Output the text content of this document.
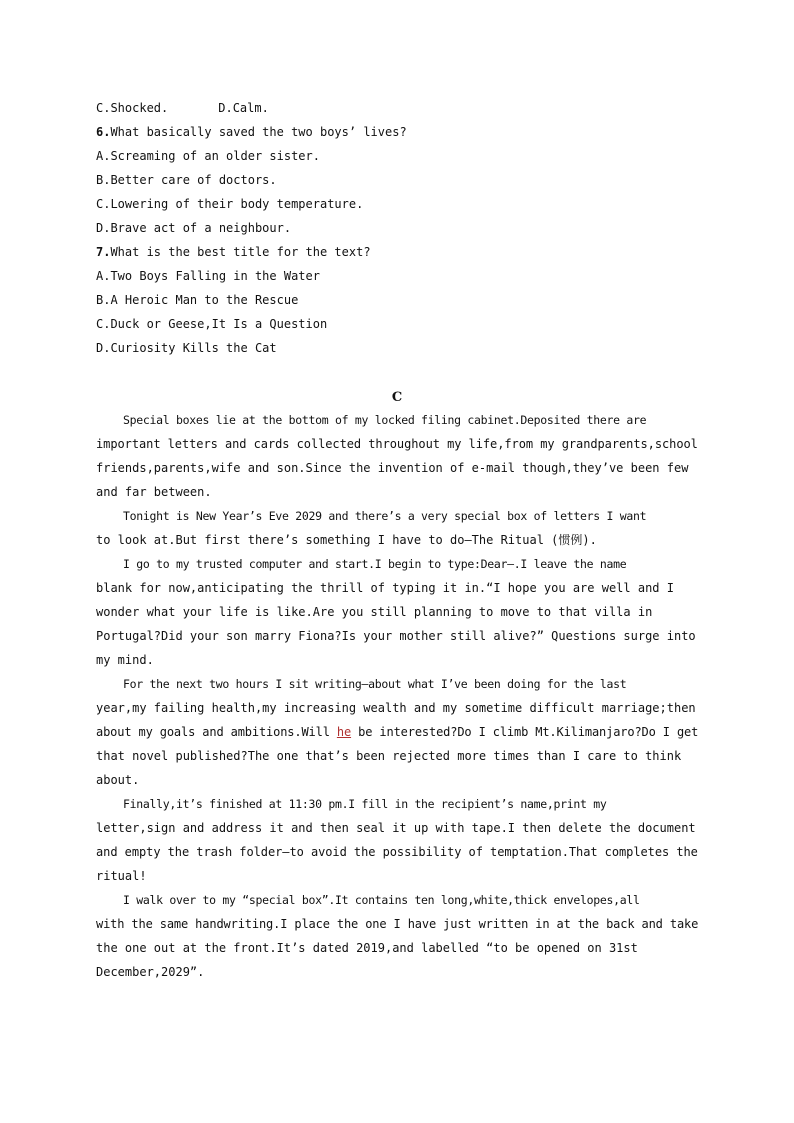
C.Shocked.	D.Calm.
6.What basically saved the two boys’ lives?
A.Screaming of an older sister.
B.Better care of doctors.
C.Lowering of their body temperature.
D.Brave act of a neighbour.
7.What is the best title for the text?
A.Two Boys Falling in the Water
B.A Heroic Man to the Rescue
C.Duck or Geese,It Is a Question
D.Curiosity Kills the Cat
C
Special boxes lie at the bottom of my locked filing cabinet.Deposited there are
important letters and cards collected throughout my life,from my grandparents,school
friends,parents,wife and son.Since the invention of e-mail though,they’ve been few
and far between.
Tonight is New Year’s Eve 2029 and there’s a very special box of letters I want
to look at.But first there’s something I have to do—The Ritual (惯例).
I go to my trusted computer and start.I begin to type:Dear—.I leave the name
blank for now,anticipating the thrill of typing it in.“I hope you are well and I
wonder what your life is like.Are you still planning to move to that villa in
Portugal?Did your son marry Fiona?Is your mother still alive?” Questions surge into
my mind.
For the next two hours I sit writing—about what I’ve been doing for the last
year,my failing health,my increasing wealth and my sometime difficult marriage;then
about my goals and ambitions.Will he be interested?Do I climb Mt.Kilimanjaro?Do I get
that novel published?The one that’s been rejected more times than I care to think
about.
Finally,it’s finished at 11:30 pm.I fill in the recipient’s name,print my
letter,sign and address it and then seal it up with tape.I then delete the document
and empty the trash folder—to avoid the possibility of temptation.That completes the
ritual!
I walk over to my “special box”.It contains ten long,white,thick envelopes,all
with the same handwriting.I place the one I have just written in at the back and take
the one out at the front.It’s dated 2019,and labelled “to be opened on 31st
December,2029”.
